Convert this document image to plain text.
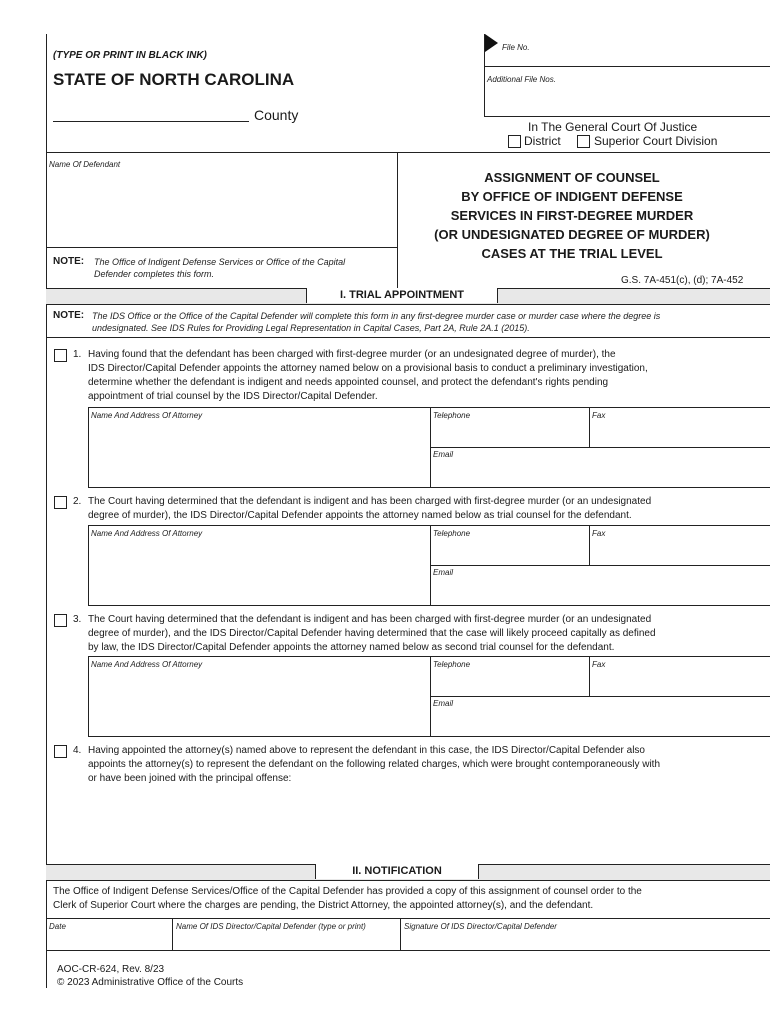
(TYPE OR PRINT IN BLACK INK)
STATE OF NORTH CAROLINA
County
File No.
Additional File Nos.
In The General Court Of Justice
District	Superior Court Division
Name Of Defendant
NOTE: The Office of Indigent Defense Services or Office of the Capital
Defender completes this form.
ASSIGNMENT OF COUNSEL
BY OFFICE OF INDIGENT DEFENSE
SERVICES IN FIRST-DEGREE MURDER
(OR UNDESIGNATED DEGREE OF MURDER)
CASES AT THE TRIAL LEVEL
G.S. 7A-451(c), (d); 7A-452
I. TRIAL APPOINTMENT
NOTE: The IDS Office or the Office of the Capital Defender will complete this form in any first-degree murder case or murder case where the degree is
undesignated. See IDS Rules for Providing Legal Representation in Capital Cases, Part 2A, Rule 2A.1 (2015).
1. Having found that the defendant has been charged with first-degree murder (or an undesignated degree of murder), the
IDS Director/Capital Defender appoints the attorney named below on a provisional basis to conduct a preliminary investigation,
determine whether the defendant is indigent and needs appointed counsel, and protect the defendant's rights pending
appointment of trial counsel by the IDS Director/Capital Defender.
Name And Address Of Attorney	Telephone	Fax
Email
2. The Court having determined that the defendant is indigent and has been charged with first-degree murder (or an undesignated
degree of murder), the IDS Director/Capital Defender appoints the attorney named below as trial counsel for the defendant.
Name And Address Of Attorney	Telephone	Fax
Email
3. The Court having determined that the defendant is indigent and has been charged with first-degree murder (or an undesignated
degree of murder), and the IDS Director/Capital Defender having determined that the case will likely proceed capitally as defined
by law, the IDS Director/Capital Defender appoints the attorney named below as second trial counsel for the defendant.
Name And Address Of Attorney	Telephone	Fax
Email
4. Having appointed the attorney(s) named above to represent the defendant in this case, the IDS Director/Capital Defender also
appoints the attorney(s) to represent the defendant on the following related charges, which were brought contemporaneously with
or have been joined with the principal offense:
II. NOTIFICATION
The Office of Indigent Defense Services/Office of the Capital Defender has provided a copy of this assignment of counsel order to the
Clerk of Superior Court where the charges are pending, the District Attorney, the appointed attorney(s), and the defendant.
Date	Name Of IDS Director/Capital Defender (type or print)	Signature Of IDS Director/Capital Defender
AOC-CR-624, Rev. 8/23
© 2023 Administrative Office of the Courts
